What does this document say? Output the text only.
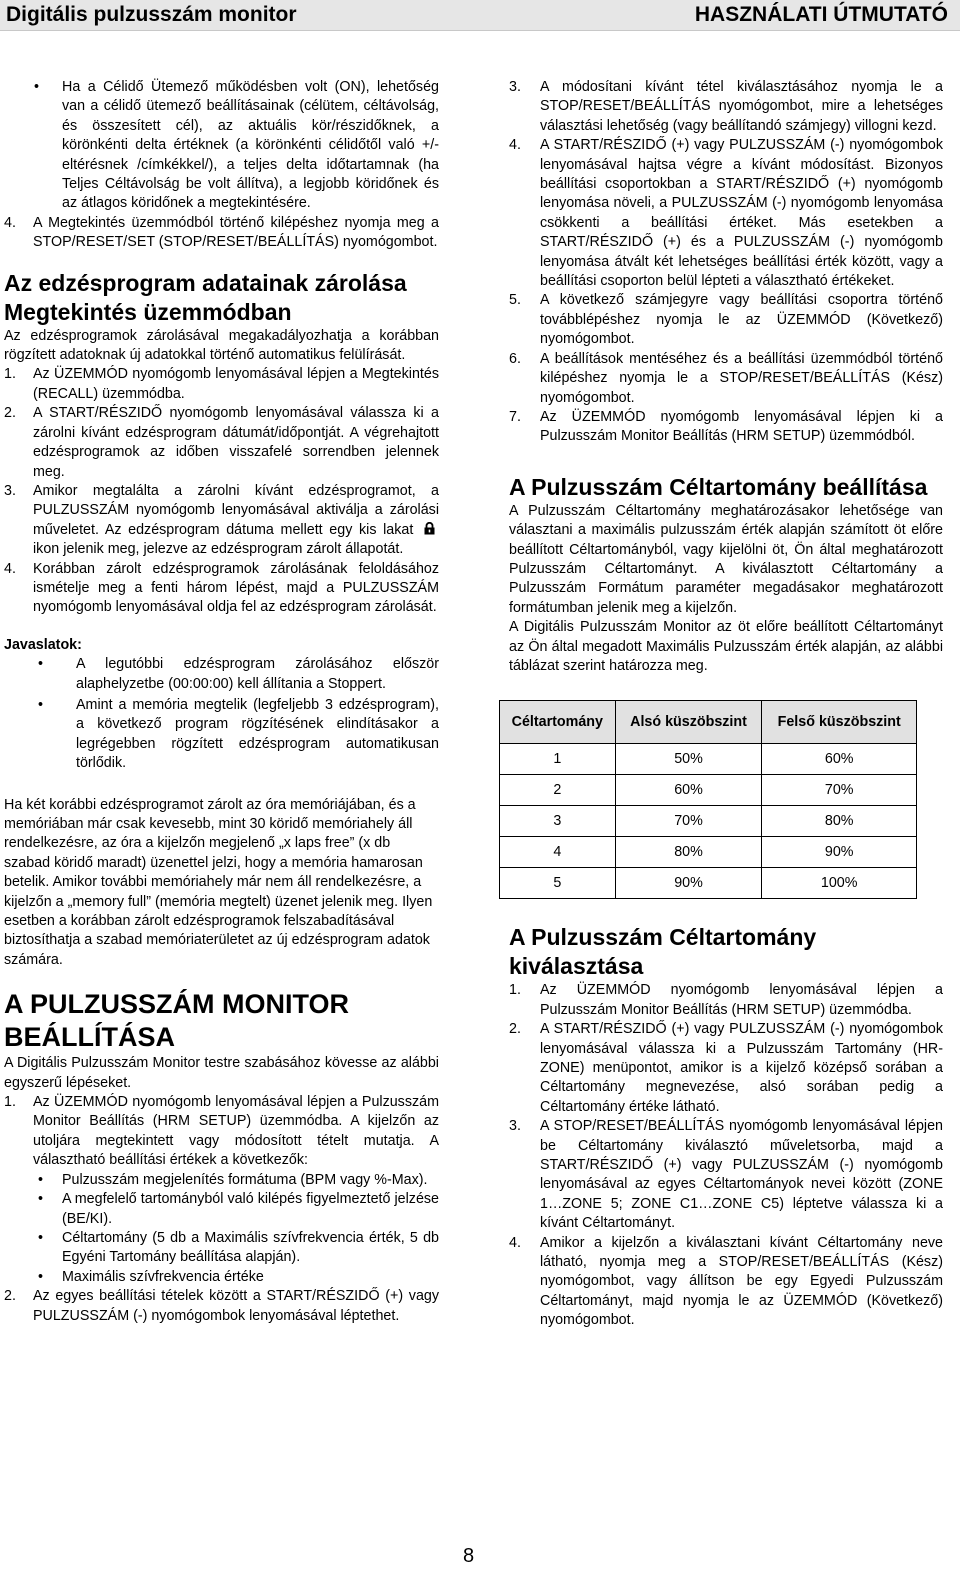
Digitális pulzusszám monitor	HASZNÁLATI ÚTMUTATÓ

• Ha a Célidő Ütemező működésben volt (ON), lehetőség van a célidő ütemező beállításainak (célütem, céltávolság, és összesített cél), az aktuális kör/részidőknek, a körönkénti delta értéknek (a körönkénti célidőtől való +/- eltérésnek /címkékkel/), a teljes delta időtartamnak (ha Teljes Céltávolság be volt állítva), a legjobb köridőnek és az átlagos köridőnek a megtekintésére.

4. A Megtekintés üzemmódból történő kilépéshez nyomja meg a STOP/RESET/SET (STOP/RESET/BEÁLLÍTÁS) nyomógombot.

Az edzésprogram adatainak zárolása Megtekintés üzemmódban

Az edzésprogramok zárolásával megakadályozhatja a korábban rögzített adatoknak új adatokkal történő automatikus felülírását.

1. Az ÜZEMMÓD nyomógomb lenyomásával lépjen a Megtekintés (RECALL) üzemmódba.

2. A START/RÉSZIDŐ nyomógomb lenyomásával válassza ki a zárolni kívánt edzésprogram dátumát/időpontját. A végrehajtott edzésprogramok az időben visszafelé sorrendben jelennek meg.

3. Amikor megtalálta a zárolni kívánt edzésprogramot, a PULZUSSZÁM nyomógomb lenyomásával aktiválja a zárolási műveletet. Az edzésprogram dátuma mellett egy kis lakat  ikon jelenik meg, jelezve az edzésprogram zárolt állapotát.

4. Korábban zárolt edzésprogramok zárolásának feloldásához ismételje meg a fenti három lépést, majd a PULZUSSZÁM nyomógomb lenyomásával oldja fel az edzésprogram zárolását.

Javaslatok:

• A legutóbbi edzésprogram zárolásához először alaphelyzetbe (00:00:00) kell állítania a Stoppert.

• Amint a memória megtelik (legfeljebb 3 edzésprogram), a következő program rögzítésének elindításakor a legrégebben rögzített edzésprogram automatikusan törlődik.

Ha két korábbi edzésprogramot zárolt az óra memóriájában, és a memóriában már csak kevesebb, mint 30 köridő memóriahely áll rendelkezésre, az óra a kijelzőn megjelenő „x laps free” (x db szabad köridő maradt) üzenettel jelzi, hogy a memória hamarosan betelik. Amikor további memóriahely már nem áll rendelkezésre, a kijelzőn a „memory full” (memória megtelt) üzenet jelenik meg. Ilyen esetben a korábban zárolt edzésprogramok felszabadításával biztosíthatja a szabad memóriaterületet az új edzésprogram adatok számára.

A PULZUSSZÁM MONITOR BEÁLLÍTÁSA

A Digitális Pulzusszám Monitor testre szabásához kövesse az alábbi egyszerű lépéseket.

1. Az ÜZEMMÓD nyomógomb lenyomásával lépjen a Pulzusszám Monitor Beállítás (HRM SETUP) üzemmódba. A kijelzőn az utoljára megtekintett vagy módosított tételt mutatja. A választható beállítási értékek a következők:

• Pulzusszám megjelenítés formátuma (BPM vagy %-Max).

• A megfelelő tartományból való kilépés figyelmeztető jelzése (BE/KI).

• Céltartomány (5 db a Maximális szívfrekvencia érték, 5 db Egyéni Tartomány beállítása alapján).

• Maximális szívfrekvencia értéke

2. Az egyes beállítási tételek között a START/RÉSZIDŐ (+) vagy PULZUSSZÁM (-) nyomógombok lenyomásával léptethet.

3. A módosítani kívánt tétel kiválasztásához nyomja le a STOP/RESET/BEÁLLÍTÁS nyomógombot, mire a lehetséges választási lehetőség (vagy beállítandó számjegy) villogni kezd.

4. A START/RÉSZIDŐ (+) vagy PULZUSSZÁM (-) nyomógombok lenyomásával hajtsa végre a kívánt módosítást. Bizonyos beállítási csoportokban a START/RÉSZIDŐ (+) nyomógomb lenyomása növeli, a PULZUSSZÁM (-) nyomógomb lenyomása csökkenti a beállítási értéket. Más esetekben a START/RÉSZIDŐ (+) és a PULZUSSZÁM (-) nyomógomb lenyomása átvált két lehetséges beállítási érték között, vagy a beállítási csoporton belül lépteti a választható értékeket.

5. A következő számjegyre vagy beállítási csoportra történő továbblépéshez nyomja le az ÜZEMMÓD (Következő) nyomógombot.

6. A beállítások mentéséhez és a beállítási üzemmódból történő kilépéshez nyomja le a STOP/RESET/BEÁLLÍTÁS (Kész) nyomógombot.

7. Az ÜZEMMÓD nyomógomb lenyomásával lépjen ki a Pulzusszám Monitor Beállítás (HRM SETUP) üzemmódból.

A Pulzusszám Céltartomány beállítása

A Pulzusszám Céltartomány meghatározásakor lehetősége van választani a maximális pulzusszám érték alapján számított öt előre beállított Céltartományból, vagy kijelölni öt, Ön által meghatározott Pulzusszám Céltartományt. A kiválasztott Céltartomány a Pulzusszám Formátum paraméter megadásakor meghatározott formátumban jelenik meg a kijelzőn.

A Digitális Pulzusszám Monitor az öt előre beállított Céltartományt az Ön által megadott Maximális Pulzusszám érték alapján, az alábbi táblázat szerint határozza meg.

Céltartomány	Alsó küszöbszint	Felső küszöbszint
1	50%	60%
2	60%	70%
3	70%	80%
4	80%	90%
5	90%	100%
A Pulzusszám Céltartomány kiválasztása

1. Az ÜZEMMÓD nyomógomb lenyomásával lépjen a Pulzusszám Monitor Beállítás (HRM SETUP) üzemmódba.

2. A START/RÉSZIDŐ (+) vagy PULZUSSZÁM (-) nyomógombok lenyomásával válassza ki a Pulzusszám Tartomány (HR-ZONE) menüpontot, amikor is a kijelző középső sorában a Céltartomány megnevezése, alsó sorában pedig a Céltartomány értéke látható.

3. A STOP/RESET/BEÁLLÍTÁS nyomógomb lenyomásával lépjen be Céltartomány kiválasztó műveletsorba, majd a START/RÉSZIDŐ (+) vagy PULZUSSZÁM (-) nyomógomb lenyomásával az egyes Céltartományok nevei között (ZONE 1…ZONE 5; ZONE C1…ZONE C5) léptetve válassza ki a kívánt Céltartományt.

4. Amikor a kijelzőn a kiválasztani kívánt Céltartomány neve látható, nyomja meg a STOP/RESET/BEÁLLÍTÁS (Kész) nyomógombot, vagy állítson be egy Egyedi Pulzusszám Céltartományt, majd nyomja le az ÜZEMMÓD (Következő) nyomógombot.

8
